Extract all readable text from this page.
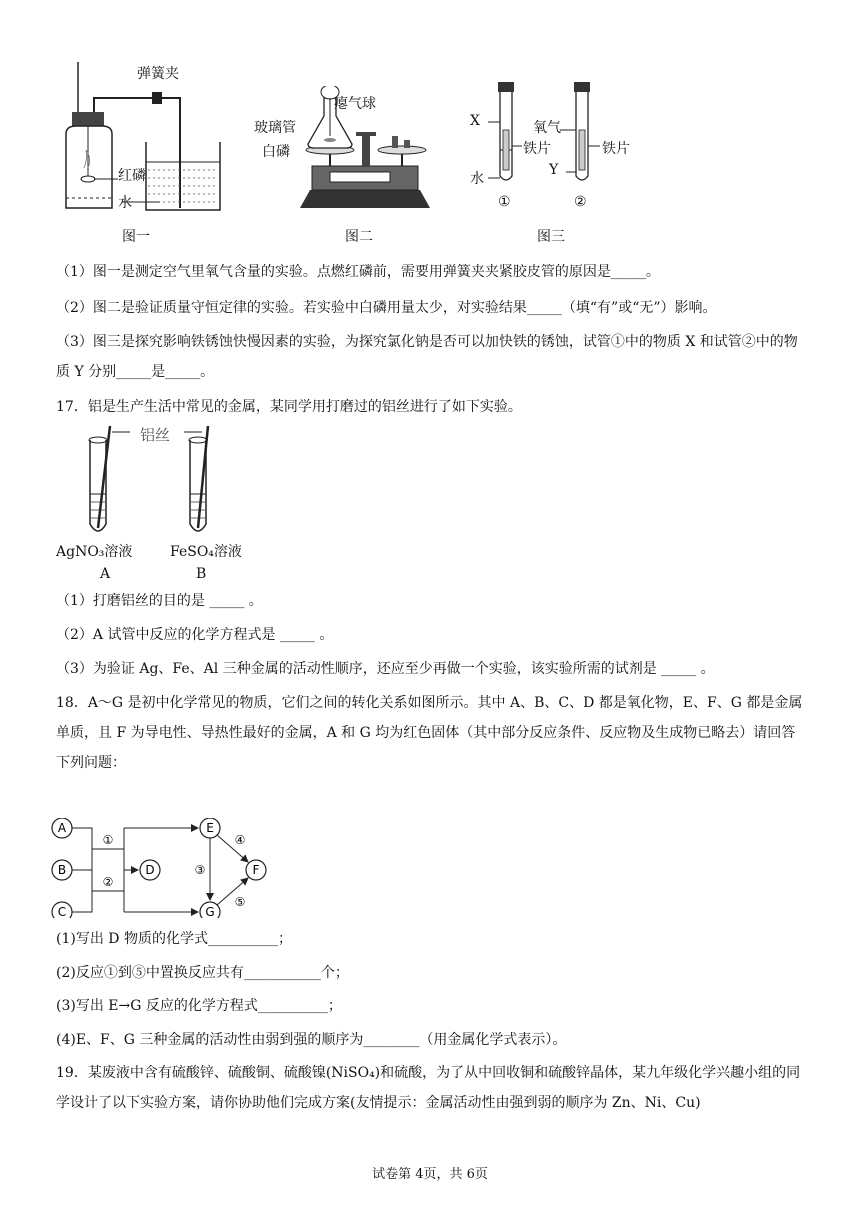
弹簧夹
红磷
水
图一
瘪气球
玻璃管
白磷
图二
X
水
铁片
氧气
Y
铁片
①	②
图三
（1）图一是测定空气里氧气含量的实验。点燃红磷前，需要用弹簧夹夹紧胶皮管的原因是_____。
（2）图二是验证质量守恒定律的实验。若实验中白磷用量太少，对实验结果_____（填“有”或“无”）影响。
（3）图三是探究影响铁锈蚀快慢因素的实验，为探究氯化钠是否可以加快铁的锈蚀，试管①中的物质 X 和试管②中的物质 Y 分别_____是_____。
17．铝是生产生活中常见的金属，某同学用打磨过的铝丝进行了如下实验。
铝丝
AgNO₃溶液	FeSO₄溶液
A	B
（1）打磨铝丝的目的是 _____ 。
（2）A 试管中反应的化学方程式是 _____ 。
（3）为验证 Ag、Fe、Al 三种金属的活动性顺序，还应至少再做一个实验，该实验所需的试剂是 _____ 。
18．A～G 是初中化学常见的物质，它们之间的转化关系如图所示。其中 A、B、C、D 都是氧化物，E、F、G 都是金属单质，且 F 为导电性、导热性最好的金属，A 和 G 均为红色固体（其中部分反应条件、反应物及生成物已略去）请回答下列问题：
A
B
C
D
E
F
G
①
②
③
④
⑤
(1)写出 D 物质的化学式__________；
(2)反应①到⑤中置换反应共有___________个；
(3)写出 E→G 反应的化学方程式__________；
(4)E、F、G 三种金属的活动性由弱到强的顺序为________（用金属化学式表示）。
19．某废液中含有硫酸锌、硫酸铜、硫酸镍(NiSO₄)和硫酸，为了从中回收铜和硫酸锌晶体，某九年级化学兴趣小组的同学设计了以下实验方案，请你协助他们完成方案(友情提示：金属活动性由强到弱的顺序为 Zn、Ni、Cu)
试卷第 4页，共 6页
